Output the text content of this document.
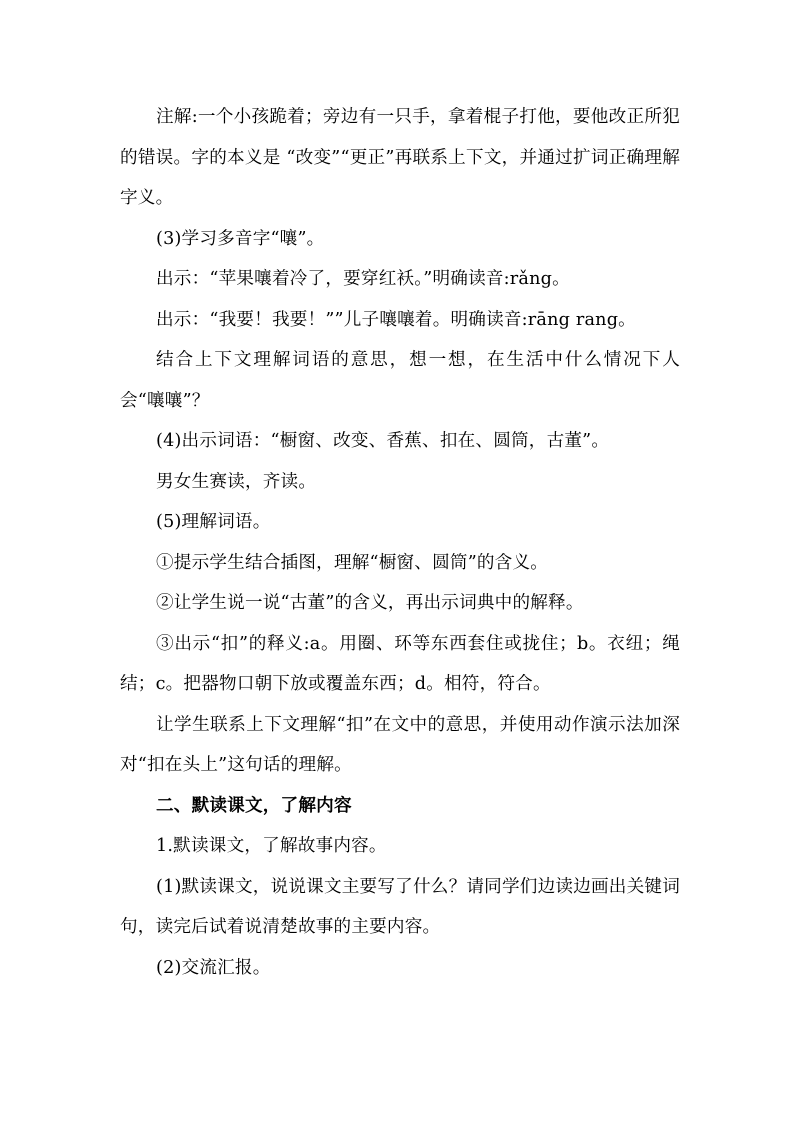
注解:一个小孩跪着；旁边有一只手，拿着棍子打他，要他改正所犯的错误。字的本义是 “改变”“更正”再联系上下文，并通过扩词正确理解字义。

(3)学习多音字“嚷”。

出示：“苹果嚷着冷了，要穿红袄。”明确读音:rǎng。

出示：“我要！我要！””儿子嚷嚷着。明确读音:rāng rang。

结合上下文理解词语的意思，想一想，在生活中什么情况下人会“嚷嚷”？

(4)出示词语：“橱窗、改变、香蕉、扣在、圆筒，古董”。

男女生赛读，齐读。

(5)理解词语。

①提示学生结合插图，理解“橱窗、圆筒”的含义。

②让学生说一说“古董”的含义，再出示词典中的解释。

③出示“扣”的释义:a。用圈、环等东西套住或拢住；b。衣纽；绳结；c。把器物口朝下放或覆盖东西；d。相符，符合。

让学生联系上下文理解“扣”在文中的意思，并使用动作演示法加深对“扣在头上”这句话的理解。

二、默读课文，了解内容

1.默读课文，了解故事内容。

(1)默读课文，说说课文主要写了什么？请同学们边读边画出关键词句，读完后试着说清楚故事的主要内容。

(2)交流汇报。
